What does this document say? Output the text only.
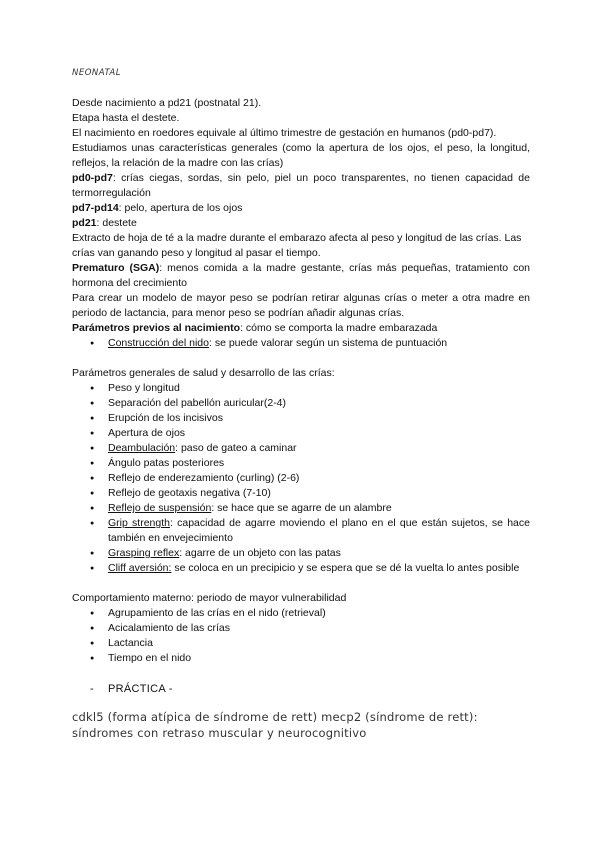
NEONATAL

Desde nacimiento a pd21 (postnatal 21).

Etapa hasta el destete.

El nacimiento en roedores equivale al último trimestre de gestación en humanos (pd0-pd7).

Estudiamos unas características generales (como la apertura de los ojos, el peso, la longitud, reflejos, la relación de la madre con las crías)

pd0-pd7: crías ciegas, sordas, sin pelo, piel un poco transparentes, no tienen capacidad de termorregulación

pd7-pd14: pelo, apertura de los ojos

pd21: destete

Extracto de hoja de té a la madre durante el embarazo afecta al peso y longitud de las crías. Las crías van ganando peso y longitud al pasar el tiempo.

Prematuro (SGA): menos comida a la madre gestante, crías más pequeñas, tratamiento con hormona del crecimiento

Para crear un modelo de mayor peso se podrían retirar algunas crías o meter a otra madre en periodo de lactancia, para menor peso se podrían añadir algunas crías.

Parámetros previos al nacimiento: cómo se comporta la madre embarazada

● Construcción del nido: se puede valorar según un sistema de puntuación

Parámetros generales de salud y desarrollo de las crías:

● Peso y longitud
● Separación del pabellón auricular(2-4)
● Erupción de los incisivos
● Apertura de ojos
● Deambulación: paso de gateo a caminar
● Ángulo patas posteriores
● Reflejo de enderezamiento (curling) (2-6)
● Reflejo de geotaxis negativa (7-10)
● Reflejo de suspensión: se hace que se agarre de un alambre
● Grip strength: capacidad de agarre moviendo el plano en el que están sujetos, se hace también en envejecimiento
● Grasping reflex: agarre de un objeto con las patas
● Cliff aversión: se coloca en un precipicio y se espera que se dé la vuelta lo antes posible

Comportamiento materno: periodo de mayor vulnerabilidad

● Agrupamiento de las crías en el nido (retrieval)
● Acicalamiento de las crías
● Lactancia
● Tiempo en el nido

- PRÁCTICA -

cdkl5 (forma atípica de síndrome de rett) mecp2 (síndrome de rett): síndromes con retraso muscular y neurocognitivo
